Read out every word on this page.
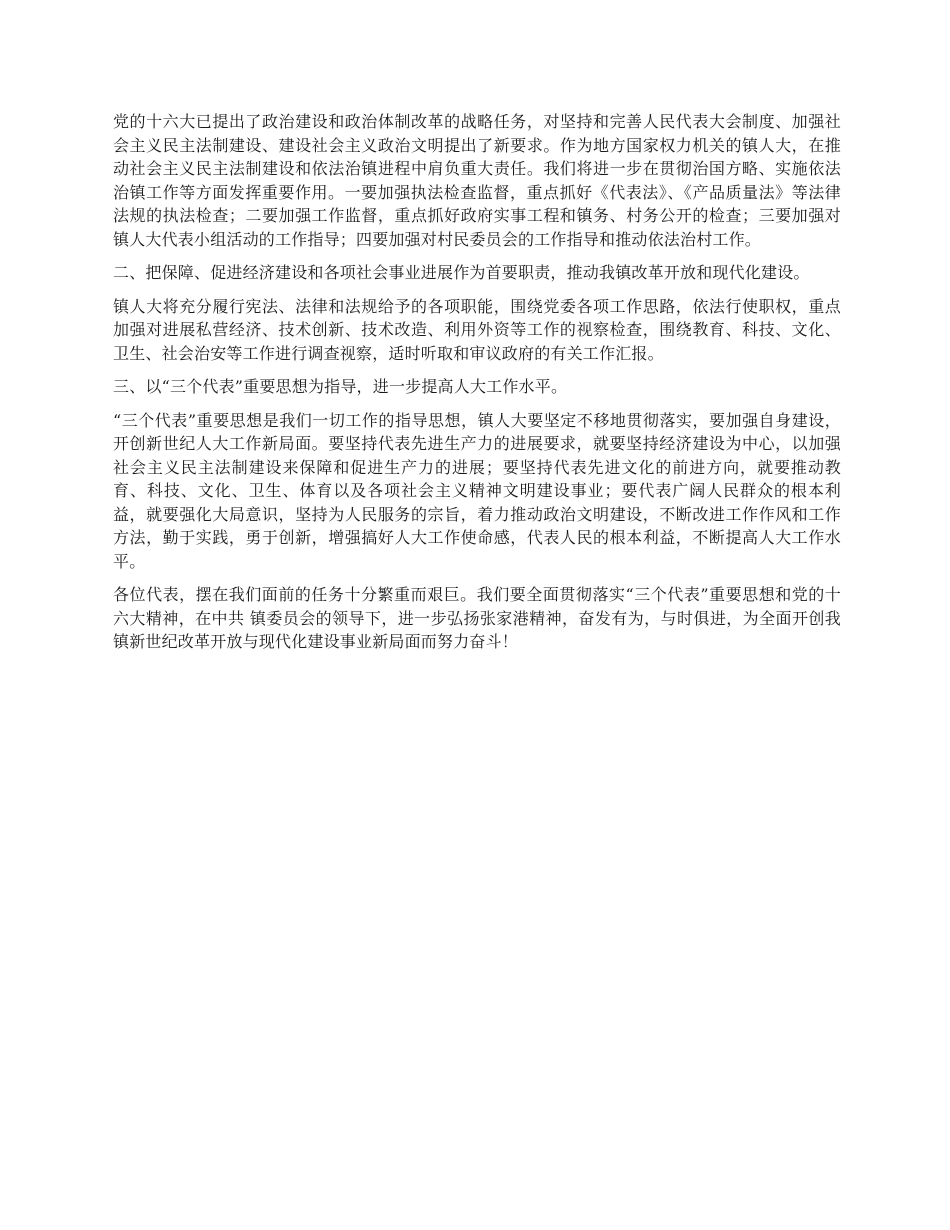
党的十六大已提出了政治建设和政治体制改革的战略任务，对坚持和完善人民代表大会制度、加强社会主义民主法制建设、建设社会主义政治文明提出了新要求。作为地方国家权力机关的镇人大，在推动社会主义民主法制建设和依法治镇进程中肩负重大责任。我们将进一步在贯彻治国方略、实施依法治镇工作等方面发挥重要作用。一要加强执法检查监督，重点抓好《代表法》、《产品质量法》等法律法规的执法检查；二要加强工作监督，重点抓好政府实事工程和镇务、村务公开的检查；三要加强对镇人大代表小组活动的工作指导；四要加强对村民委员会的工作指导和推动依法治村工作。

二、把保障、促进经济建设和各项社会事业进展作为首要职责，推动我镇改革开放和现代化建设。

镇人大将充分履行宪法、法律和法规给予的各项职能，围绕党委各项工作思路，依法行使职权，重点加强对进展私营经济、技术创新、技术改造、利用外资等工作的视察检查，围绕教育、科技、文化、卫生、社会治安等工作进行调查视察，适时听取和审议政府的有关工作汇报。

三、以“三个代表”重要思想为指导，进一步提高人大工作水平。

“三个代表”重要思想是我们一切工作的指导思想，镇人大要坚定不移地贯彻落实，要加强自身建设，开创新世纪人大工作新局面。要坚持代表先进生产力的进展要求，就要坚持经济建设为中心，以加强社会主义民主法制建设来保障和促进生产力的进展；要坚持代表先进文化的前进方向，就要推动教育、科技、文化、卫生、体育以及各项社会主义精神文明建设事业；要代表广阔人民群众的根本利益，就要强化大局意识，坚持为人民服务的宗旨，着力推动政治文明建设，不断改进工作作风和工作方法，勤于实践，勇于创新，增强搞好人大工作使命感，代表人民的根本利益，不断提高人大工作水平。

各位代表，摆在我们面前的任务十分繁重而艰巨。我们要全面贯彻落实“三个代表”重要思想和党的十六大精神，在中共 镇委员会的领导下，进一步弘扬张家港精神，奋发有为，与时俱进，为全面开创我镇新世纪改革开放与现代化建设事业新局面而努力奋斗！
